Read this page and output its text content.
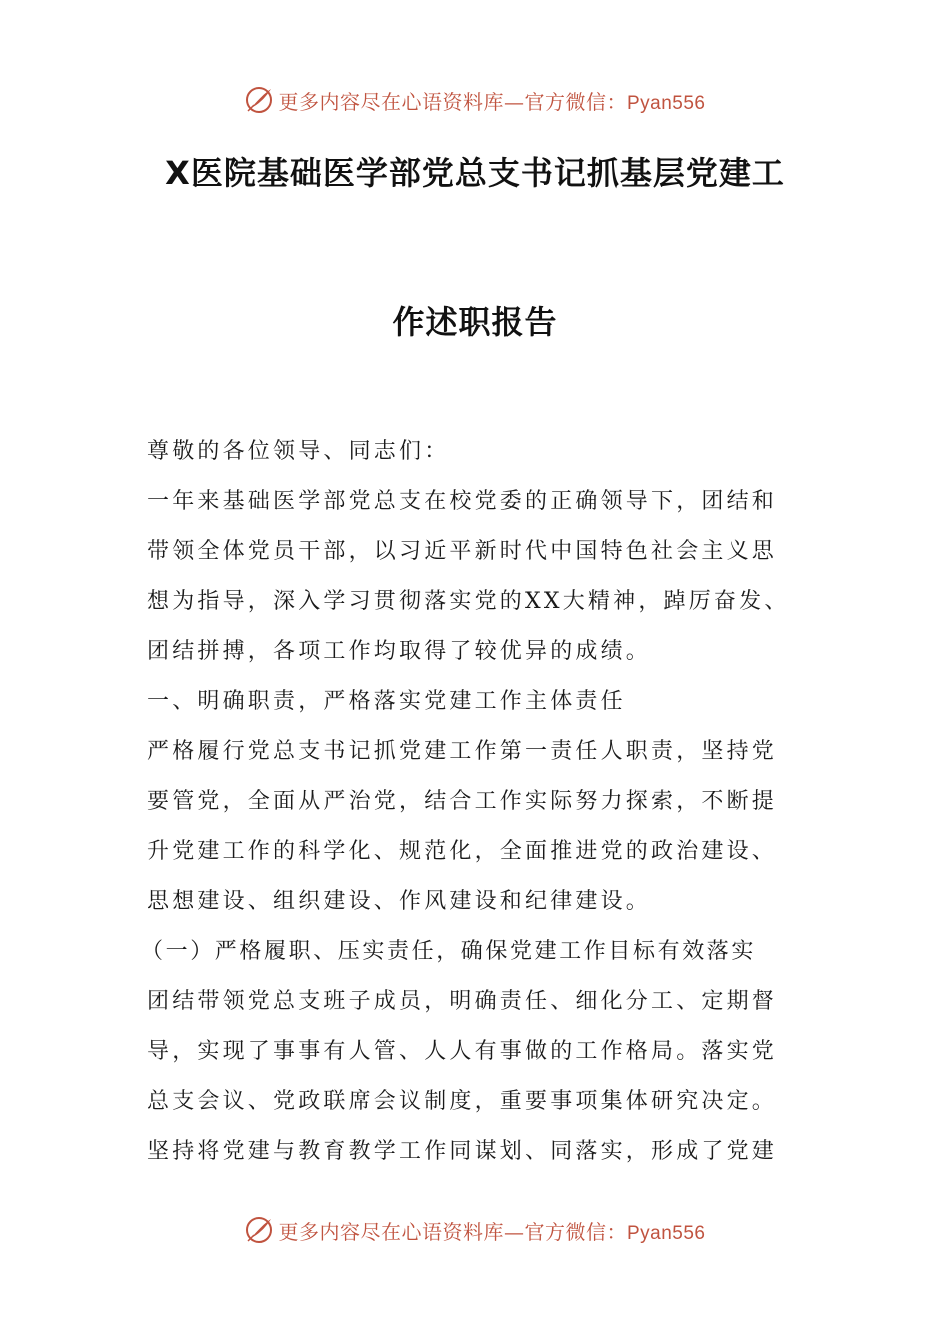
更多内容尽在心语资料库—官方微信：Pyan556
X医院基础医学部党总支书记抓基层党建工
作述职报告
尊敬的各位领导、同志们：
一年来基础医学部党总支在校党委的正确领导下，团结和
带领全体党员干部，以习近平新时代中国特色社会主义思
想为指导，深入学习贯彻落实党的XX大精神，踔厉奋发、
团结拼搏，各项工作均取得了较优异的成绩。
一、明确职责，严格落实党建工作主体责任
严格履行党总支书记抓党建工作第一责任人职责，坚持党
要管党，全面从严治党，结合工作实际努力探索，不断提
升党建工作的科学化、规范化，全面推进党的政治建设、
思想建设、组织建设、作风建设和纪律建设。
（一）严格履职、压实责任，确保党建工作目标有效落实
团结带领党总支班子成员，明确责任、细化分工、定期督
导，实现了事事有人管、人人有事做的工作格局。落实党
总支会议、党政联席会议制度，重要事项集体研究决定。
坚持将党建与教育教学工作同谋划、同落实，形成了党建
更多内容尽在心语资料库—官方微信：Pyan556
